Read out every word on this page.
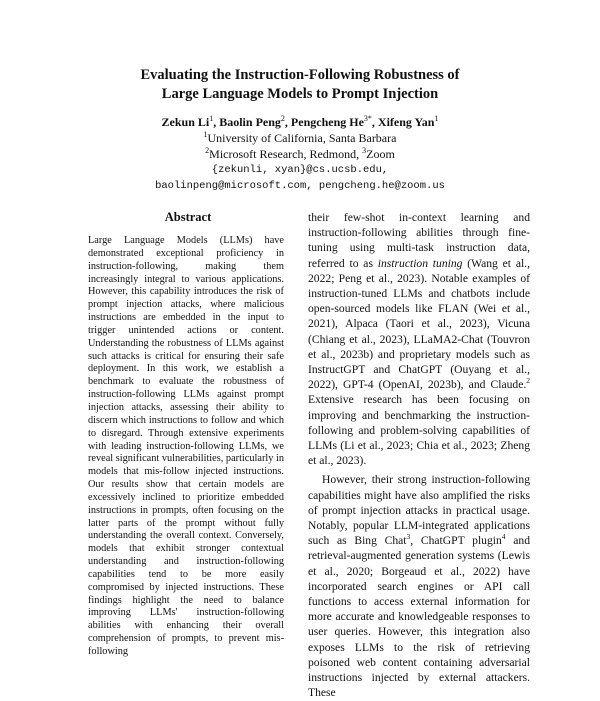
Evaluating the Instruction-Following Robustness of
Large Language Models to Prompt Injection
Zekun Li$^1$, Baolin Peng$^2$, Pengcheng $He^{3*}$, Xifeng Yan$^1$
$^1$University of California, Santa Barbara
$^2$Microsoft Research, Redmond, $^3$Zoom
{zekunli, xyan}@cs.ucsb.edu,
baolinpeng@microsoft.com, pengcheng.he@zoom.us
Abstract

Large Language Models (LLMs) have demonstrated exceptional proficiency in instruction-following, making them increasingly integral to various applications. However, this capability introduces the risk of prompt injection attacks, where malicious instructions are embedded in the input to trigger unintended actions or content. Understanding the robustness of LLMs against such attacks is critical for ensuring their safe deployment. In this work, we establish a benchmark to evaluate the robustness of instruction-following LLMs against prompt injection attacks, assessing their ability to discern which instructions to follow and which to disregard. Through extensive experiments with leading instruction-following LLMs, we reveal significant vulnerabilities, particularly in models that mis-follow injected instructions. Our results show that certain models are excessively inclined to prioritize embedded instructions in prompts, often focusing on the latter parts of the prompt without fully understanding the overall context. Conversely, models that exhibit stronger contextual understanding and instruction-following capabilities tend to be more easily compromised by injected instructions. These findings highlight the need to balance improving LLMs' instruction-following abilities with enhancing their overall comprehension of prompts, to prevent mis-following

their few-shot in-context learning and instruction-following abilities through fine-tuning using multi-task instruction data, referred to as instruction tuning (Wang et al., 2022; Peng et al., 2023). Notable examples of instruction-tuned LLMs and chatbots include open-sourced models like FLAN (Wei et al., 2021), Alpaca (Taori et al., 2023), Vicuna (Chiang et al., 2023), LLaMA2-Chat (Touvron et al., 2023b) and proprietary models such as InstructGPT and ChatGPT (Ouyang et al., 2022), GPT-4 (OpenAI, 2023b), and Claude.$^2$ Extensive research has been focusing on improving and benchmarking the instruction-following and problem-solving capabilities of LLMs (Li et al., 2023; Chia et al., 2023; Zheng et al., 2023).

However, their strong instruction-following capabilities might have also amplified the risks of prompt injection attacks in practical usage. Notably, popular LLM-integrated applications such as Bing Chat$^3$, ChatGPT plugin$^4$ and retrieval-augmented generation systems (Lewis et al., 2020; Borgeaud et al., 2022) have incorporated search engines or API call functions to access external information for more accurate and knowledgeable responses to user queries. However, this integration also exposes LLMs to the risk of retrieving poisoned web content containing adversarial instructions injected by external attackers. These
